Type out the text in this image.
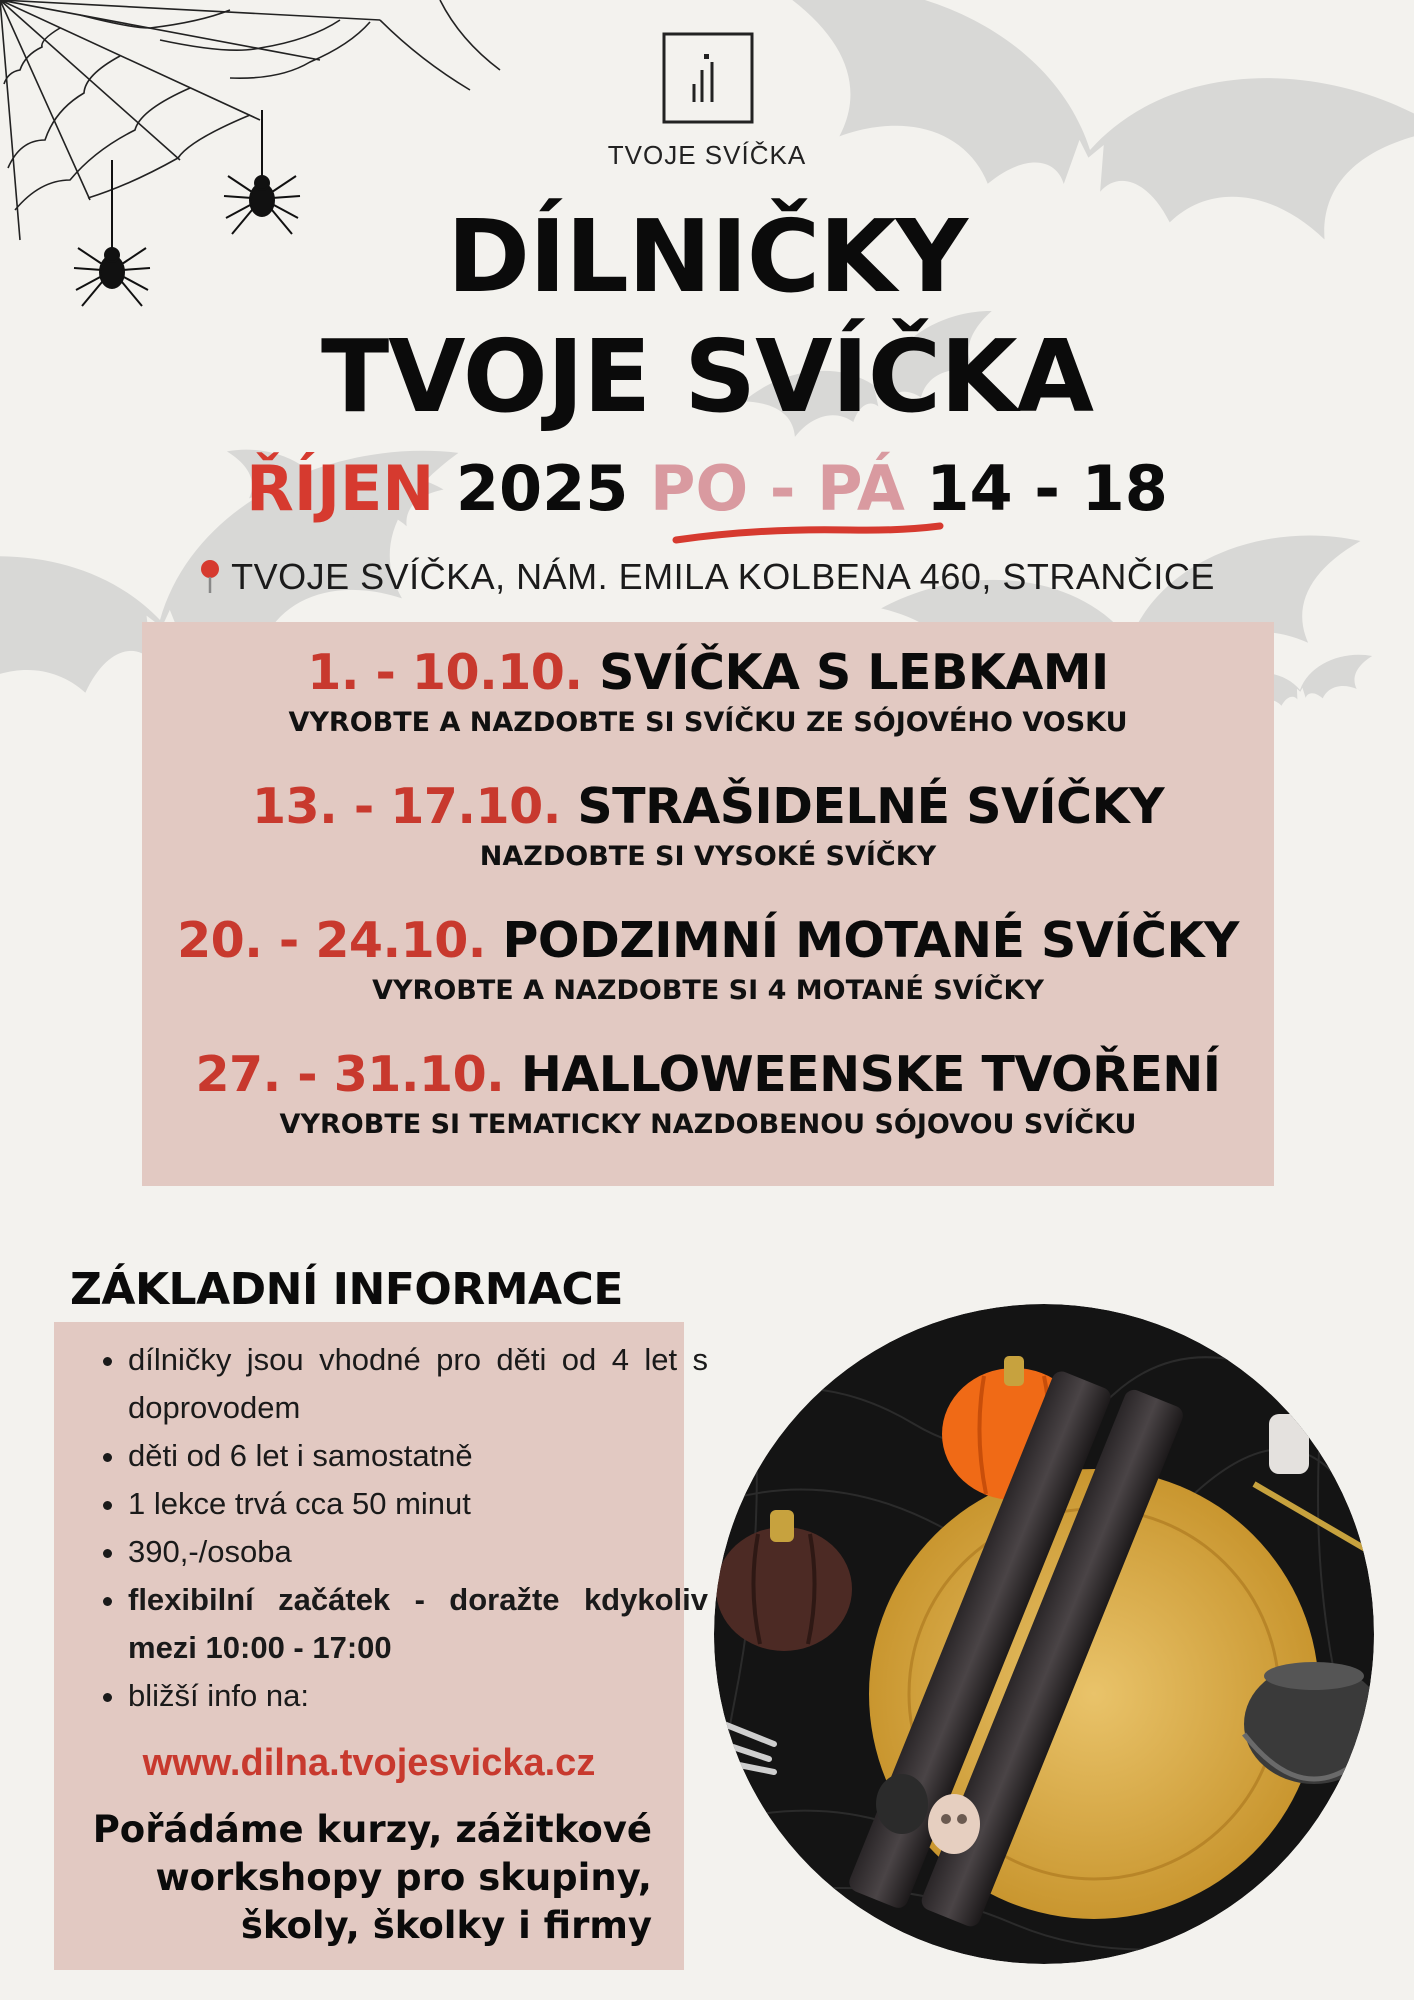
TVOJE SVÍČKA
DÍLNIČKY
TVOJE SVÍČKA
ŘÍJEN 2025 PO - PÁ 14 - 18
TVOJE SVÍČKA, NÁM. EMILA KOLBENA 460, STRANČICE
1. - 10.10. SVÍČKA S LEBKAMI
VYROBTE A NAZDOBTE SI SVÍČKU ZE SÓJOVÉHO VOSKU
13. - 17.10. STRAŠIDELNÉ SVÍČKY
NAZDOBTE SI VYSOKÉ SVÍČKY
20. - 24.10. PODZIMNÍ MOTANÉ SVÍČKY
VYROBTE A NAZDOBTE SI 4 MOTANÉ SVÍČKY
27. - 31.10. HALLOWEENSKE TVOŘENÍ
VYROBTE SI TEMATICKY NAZDOBENOU SÓJOVOU SVÍČKU
ZÁKLADNÍ INFORMACE
• dílničky jsou vhodné pro děti od 4 let s doprovodem
• děti od 6 let i samostatně
• 1 lekce trvá cca 50 minut
• 390,-/osoba
• flexibilní začátek - doražte kdykoliv mezi 10:00 - 17:00
• bližší info na:
www.dilna.tvojesvicka.cz
Pořádáme kurzy, zážitkové workshopy pro skupiny, školy, školky i firmy
